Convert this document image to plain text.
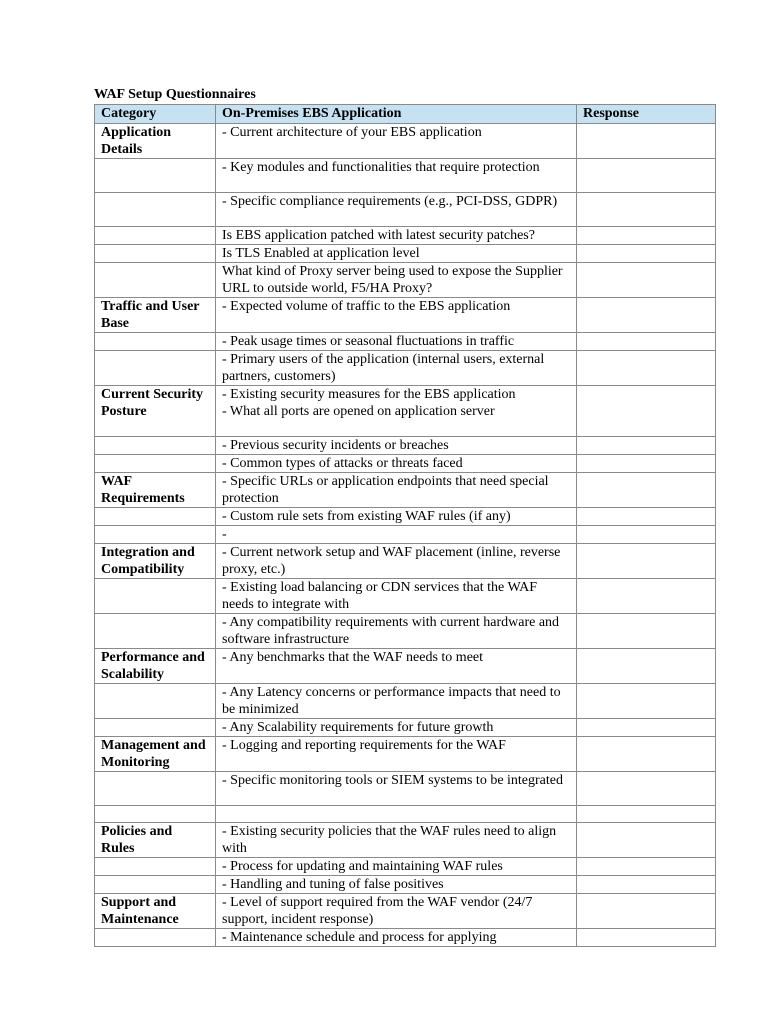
WAF Setup Questionnaires
Category	On-Premises EBS Application	Response
Application Details	- Current architecture of your EBS application	
	- Key modules and functionalities that require protection	
	- Specific compliance requirements (e.g., PCI-DSS, GDPR)	
	Is EBS application patched with latest security patches?	
	Is TLS Enabled at application level	
	What kind of Proxy server being used to expose the Supplier URL to outside world, F5/HA Proxy?	
Traffic and User Base	- Expected volume of traffic to the EBS application	
	- Peak usage times or seasonal fluctuations in traffic	
	- Primary users of the application (internal users, external partners, customers)	
Current Security Posture	- Existing security measures for the EBS application
- What all ports are opened on application server	
	- Previous security incidents or breaches	
	- Common types of attacks or threats faced	
WAF Requirements	- Specific URLs or application endpoints that need special protection	
	- Custom rule sets from existing WAF rules (if any)	
	-	
Integration and Compatibility	- Current network setup and WAF placement (inline, reverse proxy, etc.)	
	- Existing load balancing or CDN services that the WAF needs to integrate with	
	- Any compatibility requirements with current hardware and software infrastructure	
Performance and Scalability	- Any benchmarks that the WAF needs to meet	
	- Any Latency concerns or performance impacts that need to be minimized	
	- Any Scalability requirements for future growth	
Management and Monitoring	- Logging and reporting requirements for the WAF	
	- Specific monitoring tools or SIEM systems to be integrated	

Policies and Rules	- Existing security policies that the WAF rules need to align with	
	- Process for updating and maintaining WAF rules	
	- Handling and tuning of false positives	
Support and Maintenance	- Level of support required from the WAF vendor (24/7 support, incident response)	
	- Maintenance schedule and process for applying	
